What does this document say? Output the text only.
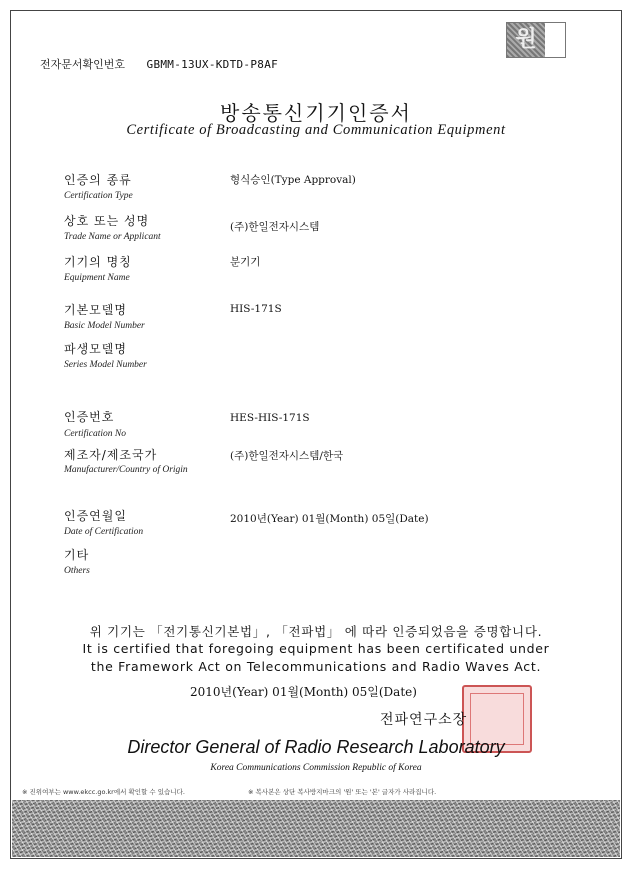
전자문서확인번호 GBMM-13UX-KDTD-P8AF
원
방송통신기기인증서
Certificate of Broadcasting and Communication Equipment
인증의 종류
Certification Type
형식승인(Type Approval)
상호 또는 성명
Trade Name or Applicant
(주)한일전자시스템
기기의 명칭
Equipment Name
분기기
기본모델명
Basic Model Number
HIS-171S
파생모델명
Series Model Number
인증번호
Certification No
HES-HIS-171S
제조자/제조국가
Manufacturer/Country of Origin
(주)한일전자시스템/한국
인증연월일
Date of Certification
2010년(Year) 01월(Month) 05일(Date)
기타
Others
위 기기는 「전기통신기본법」, 「전파법」 에 따라 인증되었음을 증명합니다.
It is certified that foregoing equipment has been certificated under
the Framework Act on Telecommunications and Radio Waves Act.
2010년(Year) 01월(Month) 05일(Date)
전파연구소장
Director General of Radio Research Laboratory
Korea Communications Commission Republic of Korea
※ 진위여부는 www.ekcc.go.kr에서 확인할 수 있습니다.	※ 복사본은 상단 복사방지마크의 '원' 또는 '본' 글자가 사라집니다.
